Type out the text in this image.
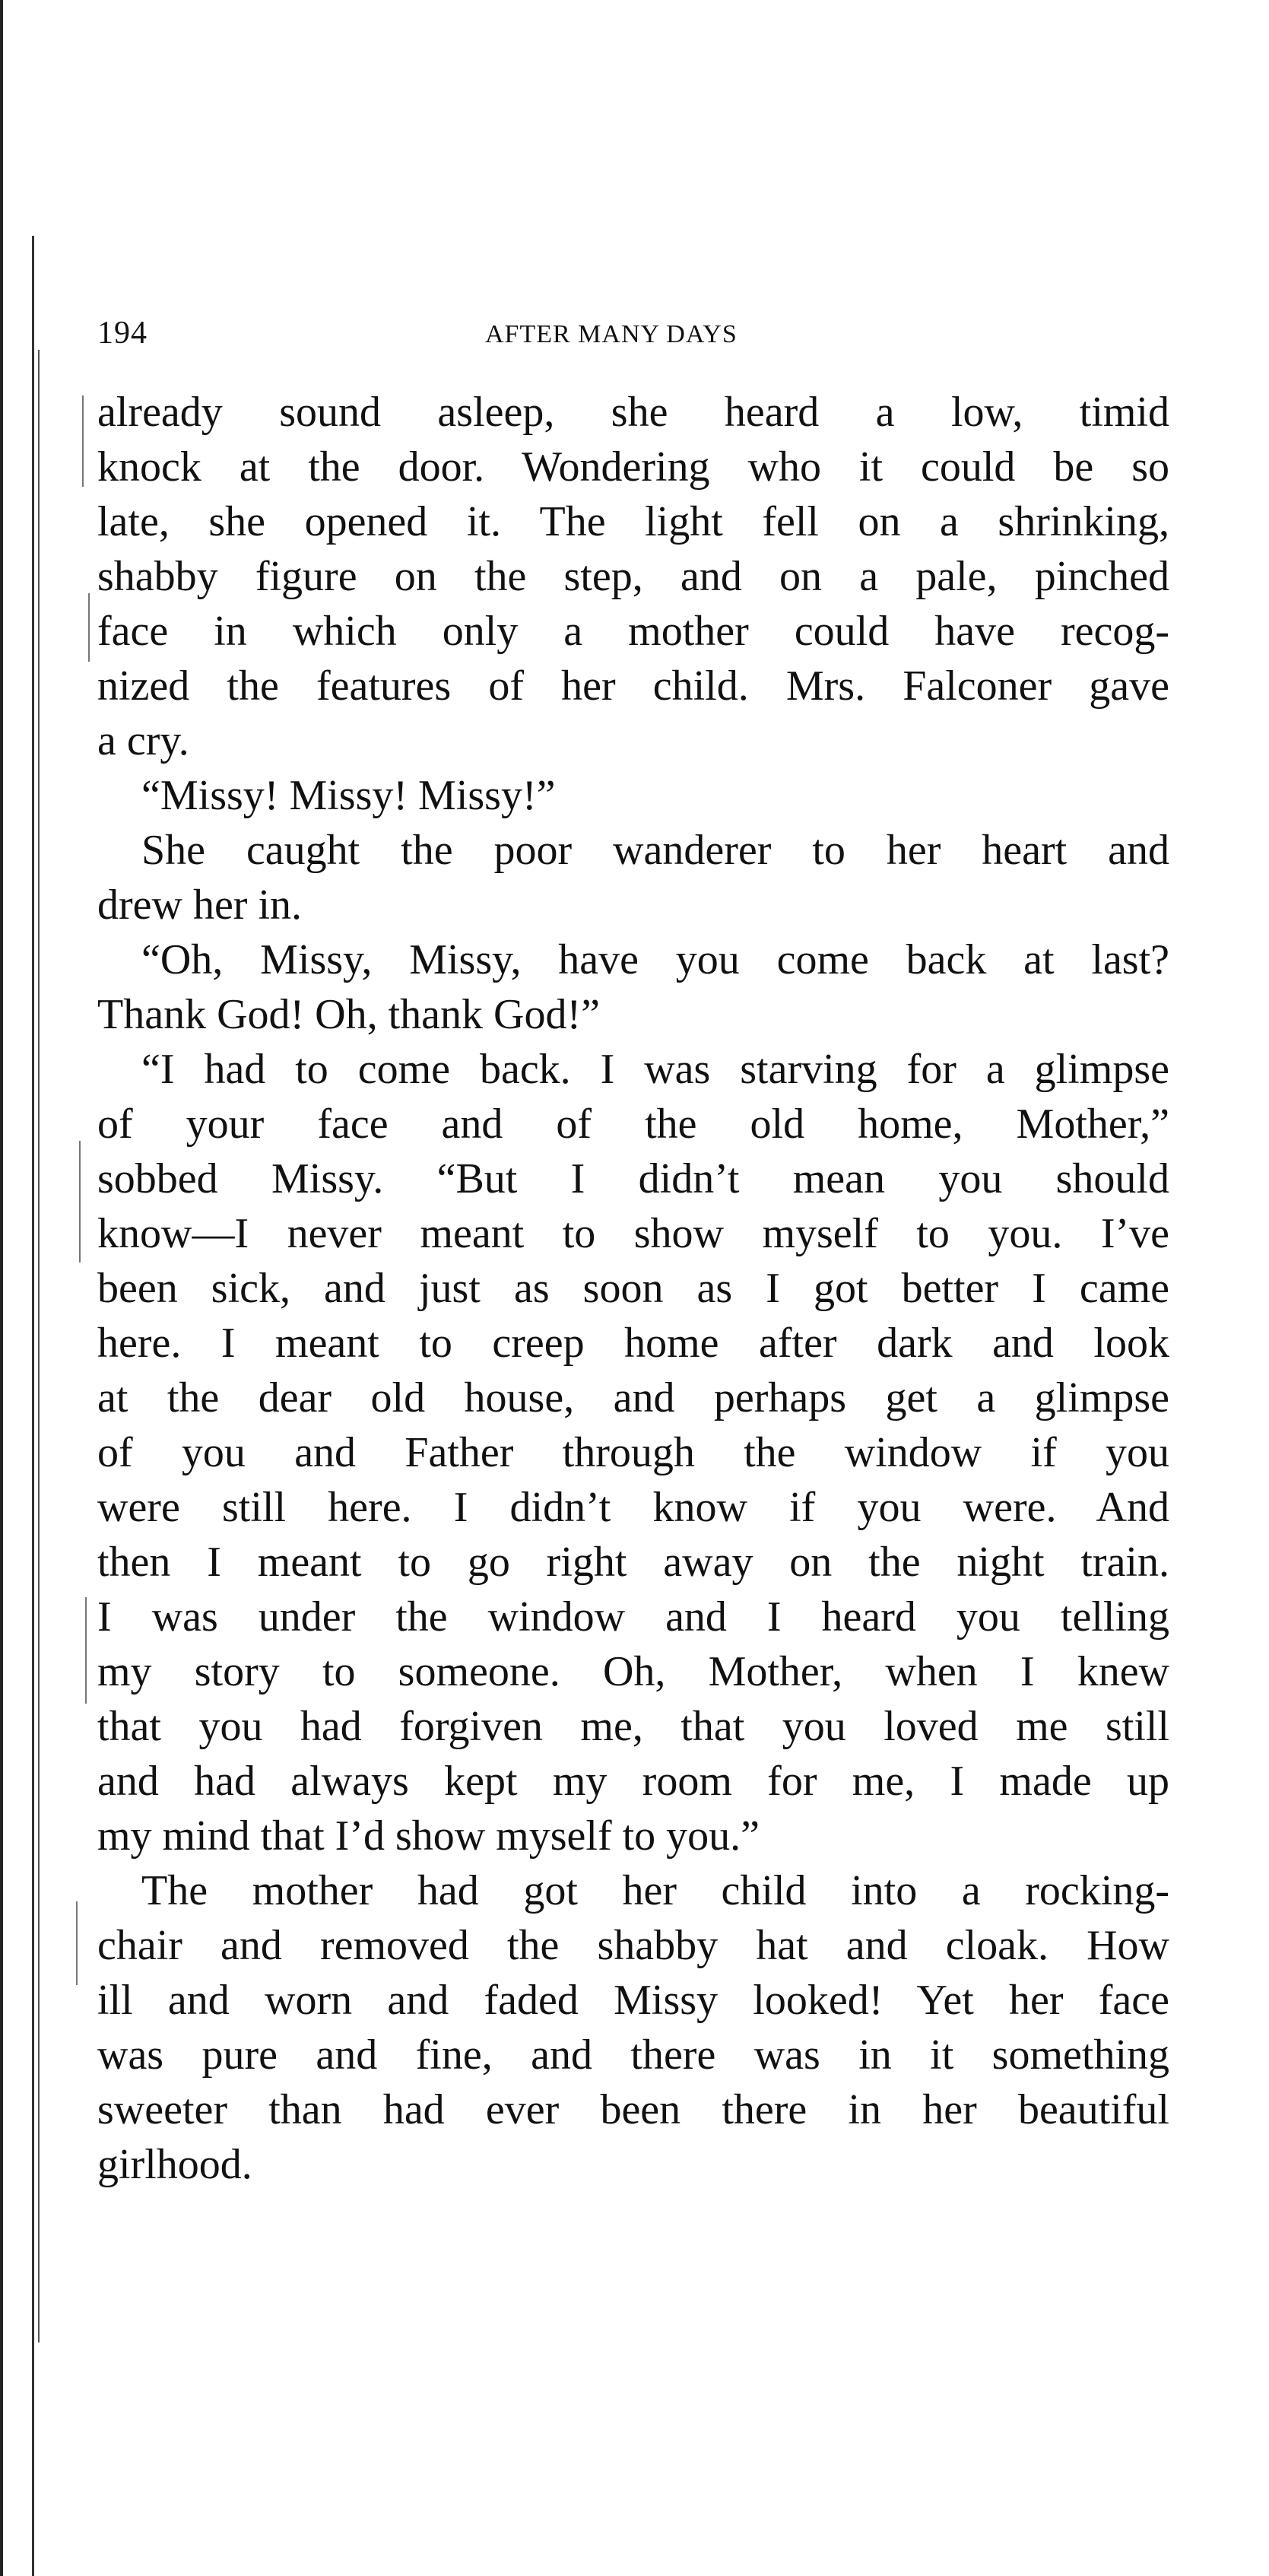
194	AFTER MANY DAYS
already sound asleep, she heard a low, timid
knock at the door. Wondering who it could be so
late, she opened it. The light fell on a shrinking,
shabby figure on the step, and on a pale, pinched
face in which only a mother could have recog-
nized the features of her child. Mrs. Falconer gave
a cry.
“Missy! Missy! Missy!”
She caught the poor wanderer to her heart and
drew her in.
“Oh, Missy, Missy, have you come back at last?
Thank God! Oh, thank God!”
“I had to come back. I was starving for a glimpse
of your face and of the old home, Mother,”
sobbed Missy. “But I didn’t mean you should
know—I never meant to show myself to you. I’ve
been sick, and just as soon as I got better I came
here. I meant to creep home after dark and look
at the dear old house, and perhaps get a glimpse
of you and Father through the window if you
were still here. I didn’t know if you were. And
then I meant to go right away on the night train.
I was under the window and I heard you telling
my story to someone. Oh, Mother, when I knew
that you had forgiven me, that you loved me still
and had always kept my room for me, I made up
my mind that I’d show myself to you.”
The mother had got her child into a rocking-
chair and removed the shabby hat and cloak. How
ill and worn and faded Missy looked! Yet her face
was pure and fine, and there was in it something
sweeter than had ever been there in her beautiful
girlhood.
